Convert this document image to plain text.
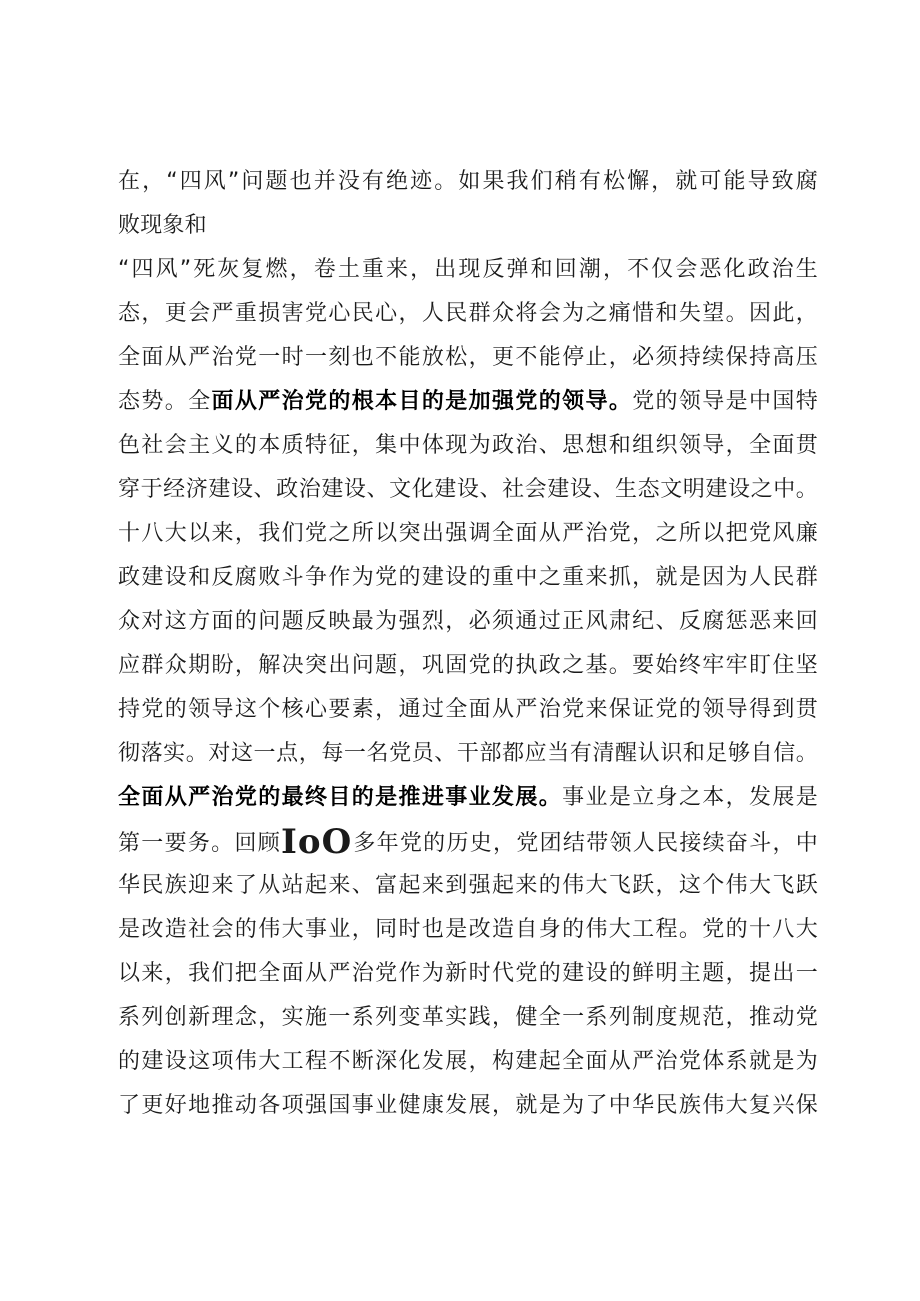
在，“四风”问题也并没有绝迹。如果我们稍有松懈，就可能导致腐
败现象和
“四风”死灰复燃，卷土重来，出现反弹和回潮，不仅会恶化政治生
态，更会严重损害党心民心，人民群众将会为之痛惜和失望。因此，
全面从严治党一时一刻也不能放松，更不能停止，必须持续保持高压
态势。全面从严治党的根本目的是加强党的领导。党的领导是中国特
色社会主义的本质特征，集中体现为政治、思想和组织领导，全面贯
穿于经济建设、政治建设、文化建设、社会建设、生态文明建设之中。
十八大以来，我们党之所以突出强调全面从严治党，之所以把党风廉
政建设和反腐败斗争作为党的建设的重中之重来抓，就是因为人民群
众对这方面的问题反映最为强烈，必须通过正风肃纪、反腐惩恶来回
应群众期盼，解决突出问题，巩固党的执政之基。要始终牢牢盯住坚
持党的领导这个核心要素，通过全面从严治党来保证党的领导得到贯
彻落实。对这一点，每一名党员、干部都应当有清醒认识和足够自信。
全面从严治党的最终目的是推进事业发展。事业是立身之本，发展是
第一要务。回顾IoO多年党的历史，党团结带领人民接续奋斗，中
华民族迎来了从站起来、富起来到强起来的伟大飞跃，这个伟大飞跃
是改造社会的伟大事业，同时也是改造自身的伟大工程。党的十八大
以来，我们把全面从严治党作为新时代党的建设的鲜明主题，提出一
系列创新理念，实施一系列变革实践，健全一系列制度规范，推动党
的建设这项伟大工程不断深化发展，构建起全面从严治党体系就是为
了更好地推动各项强国事业健康发展，就是为了中华民族伟大复兴保
